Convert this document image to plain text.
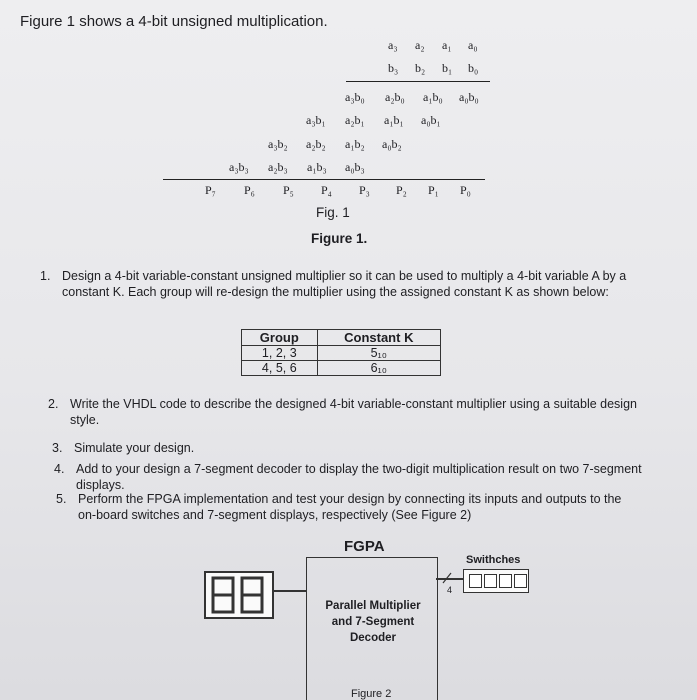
Figure 1 shows a 4-bit unsigned multiplication.
a₃ a₂ a₁ a₀
b₃ b₂ b₁ b₀
a₃b₀ a₂b₀ a₁b₀ a₀b₀
a₃b₁ a₂b₁ a₁b₁ a₀b₁
a₃b₂ a₂b₂ a₁b₂ a₀b₂
a₃b₃ a₂b₃ a₁b₃ a₀b₃
P₇ P₆ P₅ P₄ P₃ P₂ P₁ P₀
Fig. 1
Figure 1.
1. Design a 4-bit variable-constant unsigned multiplier so it can be used to multiply a 4-bit variable A by a constant K. Each group will re-design the multiplier using the assigned constant K as shown below:
Group	Constant K
1, 2, 3	5₁₀
4, 5, 6	6₁₀
2. Write the VHDL code to describe the designed 4-bit variable-constant multiplier using a suitable design style.
3. Simulate your design.
4. Add to your design a 7-segment decoder to display the two-digit multiplication result on two 7-segment displays.
5. Perform the FPGA implementation and test your design by connecting its inputs and outputs to the on-board switches and 7-segment displays, respectively (See Figure 2)
FGPA
Parallel Multiplier and 7-Segment Decoder
Figure 2
Swithches
4
